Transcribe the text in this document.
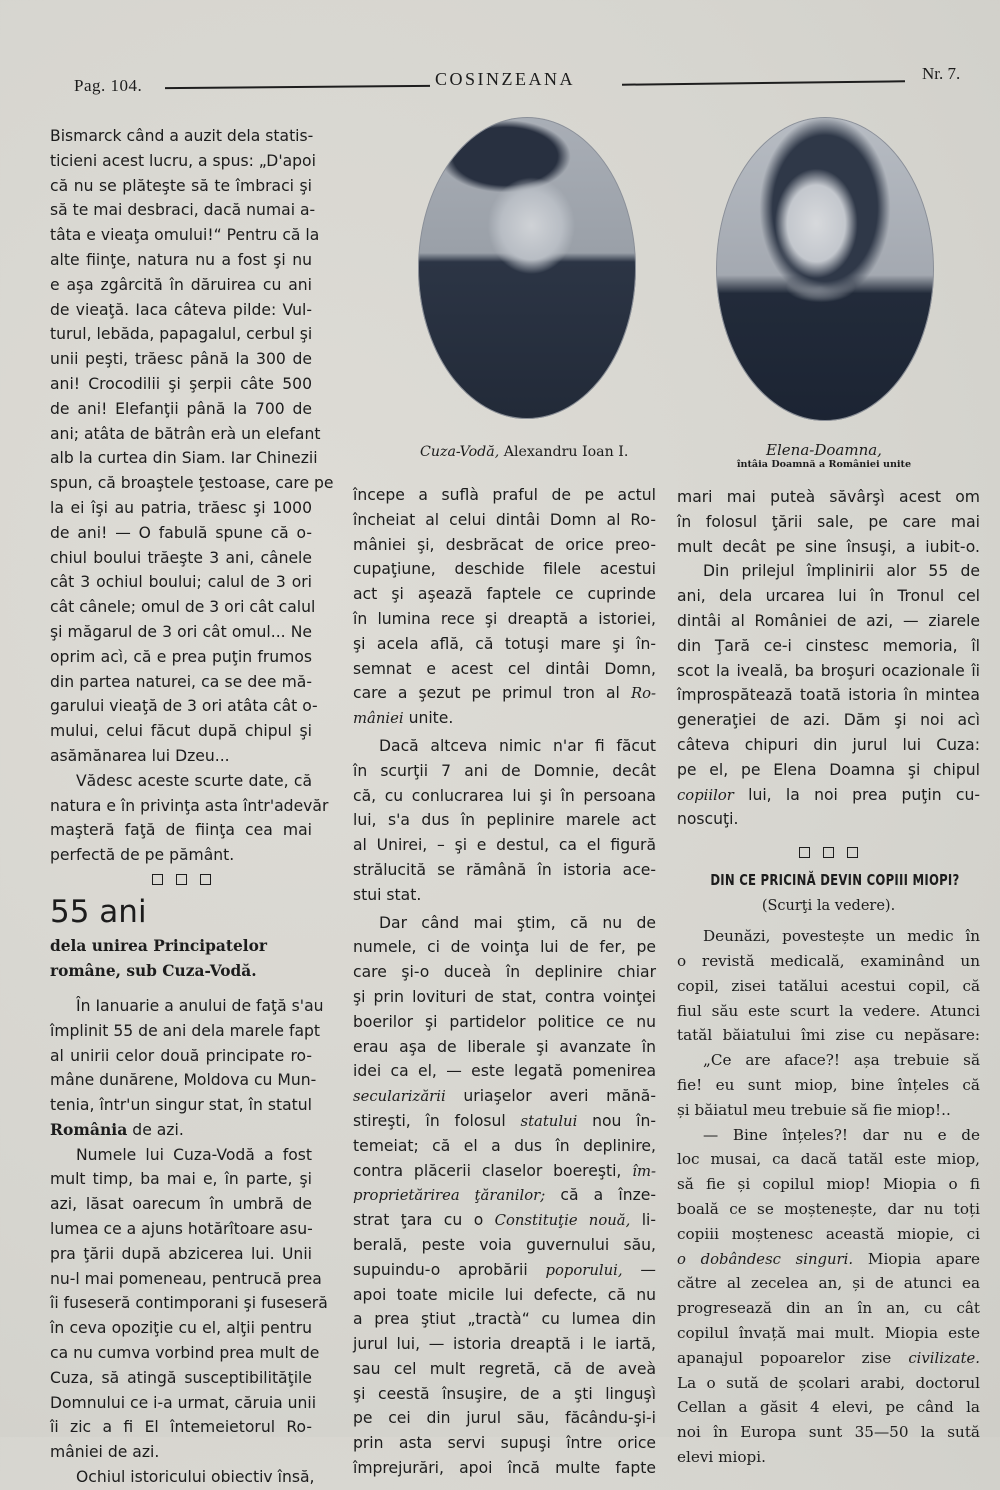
Pag. 104.	COSINZEANA	Nr. 7.
Cuza-Vodă, Alexandru Ioan I.	Elena-Doamna,
întâia Doamnă a României unite
Bismarck când a auzit dela statis-
ticieni acest lucru, a spus: „D'apoi
că nu se plăteşte să te îmbraci şi
să te mai desbraci, dacă numai a-
tâta e vieaţa omului!“ Pentru că la
alte fiinţe, natura nu a fost şi nu
e aşa zgârcită în dăruirea cu ani
de vieaţă. Iaca câteva pilde: Vul-
turul, lebăda, papagalul, cerbul şi
unii peşti, trăesc până la 300 de
ani! Crocodilii şi şerpii câte 500
de ani! Elefanţii până la 700 de
ani; atâta de bătrân erà un elefant
alb la curtea din Siam. Iar Chinezii
spun, că broaştele ţestoase, care pe
la ei îşi au patria, trăesc şi 1000
de ani! — O fabulă spune că o-
chiul boului trăeşte 3 ani, cânele
cât 3 ochiul boului; calul de 3 ori
cât cânele; omul de 3 ori cât calul
şi măgarul de 3 ori cât omul... Ne
oprim acì, că e prea puţin frumos
din partea naturei, ca se dee mă-
garului vieaţă de 3 ori atâta cât o-
mului, celui făcut după chipul şi
asămănarea lui Dzeu...
Vădesc aceste scurte date, că
natura e în privinţa asta într'adevăr
maşteră faţă de fiinţa cea mai
perfectă de pe pământ.
55 ani
dela unirea Principatelor
române, sub Cuza-Vodă.
În Ianuarie a anului de faţă s'au
împlinit 55 de ani dela marele fapt
al unirii celor două principate ro-
mâne dunărene, Moldova cu Mun-
tenia, într'un singur stat, în statul
România de azi.
Numele lui Cuza-Vodă a fost
mult timp, ba mai e, în parte, şi
azi, lăsat oarecum în umbră de
lumea ce a ajuns hotărîtoare asu-
pra ţării după abzicerea lui. Unii
nu-l mai pomeneau, pentrucă prea
îi fuseseră contimporani şi fuseseră
în ceva opoziţie cu el, alţii pentru
ca nu cumva vorbind prea mult de
Cuza, să atingă susceptibilităţile
Domnului ce i-a urmat, căruia unii
îi zic a fi El întemeietorul Ro-
mâniei de azi.
Ochiul istoricului obiectiv însă,
începe a suflà praful de pe actul
încheiat al celui dintâi Domn al Ro-
mâniei şi, desbrăcat de orice preo-
cupaţiune, deschide filele acestui
act şi aşează faptele ce cuprinde
în lumina rece şi dreaptă a istoriei,
şi acela află, că totuşi mare şi în-
semnat e acest cel dintâi Domn,
care a şezut pe primul tron al Ro-
mâniei unite.
Dacă altceva nimic n'ar fi făcut
în scurţii 7 ani de Domnie, decât
că, cu conlucrarea lui şi în persoana
lui, s'a dus în peplinire marele act
al Unirei, – şi e destul, ca el figură
strălucită se rămână în istoria ace-
stui stat.
Dar când mai ştim, că nu de
numele, ci de voinţa lui de fer, pe
care şi-o duceà în deplinire chiar
şi prin lovituri de stat, contra voinţei
boerilor şi partidelor politice ce nu
erau aşa de liberale şi avanzate în
idei ca el, — este legată pomenirea
secularizării uriaşelor averi mănă-
stireşti, în folosul statului nou în-
temeiat; că el a dus în deplinire,
contra plăcerii claselor boereşti, îm-
proprietărirea ţăranilor; că a înze-
strat ţara cu o Constituţie nouă, li-
berală, peste voia guvernului său,
supuindu-o aprobării poporului, —
apoi toate micile lui defecte, că nu
a prea ştiut „tractà“ cu lumea din
jurul lui, — istoria dreaptă i le iartă,
sau cel mult regretă, că de aveà
şi ceestă însuşire, de a şti linguşì
pe cei din jurul său, făcându-şi-i
prin asta servi supuşi între orice
împrejurări, apoi încă multe fapte
mari mai puteà săvârşì acest om
în folosul ţării sale, pe care mai
mult decât pe sine însuşi, a iubit-o.
Din prilejul împlinirii alor 55 de
ani, dela urcarea lui în Tronul cel
dintâi al României de azi, — ziarele
din Ţară ce-i cinstesc memoria, îl
scot la iveală, ba broşuri ocazionale îi
împrospătează toată istoria în mintea
generaţiei de azi. Dăm şi noi acì
câteva chipuri din jurul lui Cuza:
pe el, pe Elena Doamna şi chipul
copiilor lui, la noi prea puţin cu-
noscuţi.
DIN CE PRICINĂ DEVIN COPIII MIOPI?
(Scurţi la vedere).
Deunăzi, povestește un medic în
o revistă medicală, examinând un
copil, zisei tatălui acestui copil, că
fiul său este scurt la vedere. Atunci
tatăl băiatului îmi zise cu nepăsare:
„Ce are aface?! așa trebuie să
fie! eu sunt miop, bine înțeles că
și băiatul meu trebuie să fie miop!..
— Bine înțeles?! dar nu e de
loc musai, ca dacă tatăl este miop,
să fie și copilul miop! Miopia o fi
boală ce se moștenește, dar nu toți
copiii moștenesc această miopie, ci
o dobândesc singuri. Miopia apare
către al zecelea an, și de atunci ea
progresează din an în an, cu cât
copilul învață mai mult. Miopia este
apanajul popoarelor zise civilizate.
La o sută de școlari arabi, doctorul
Cellan a găsit 4 elevi, pe când la
noi în Europa sunt 35—50 la sută
elevi miopi.
